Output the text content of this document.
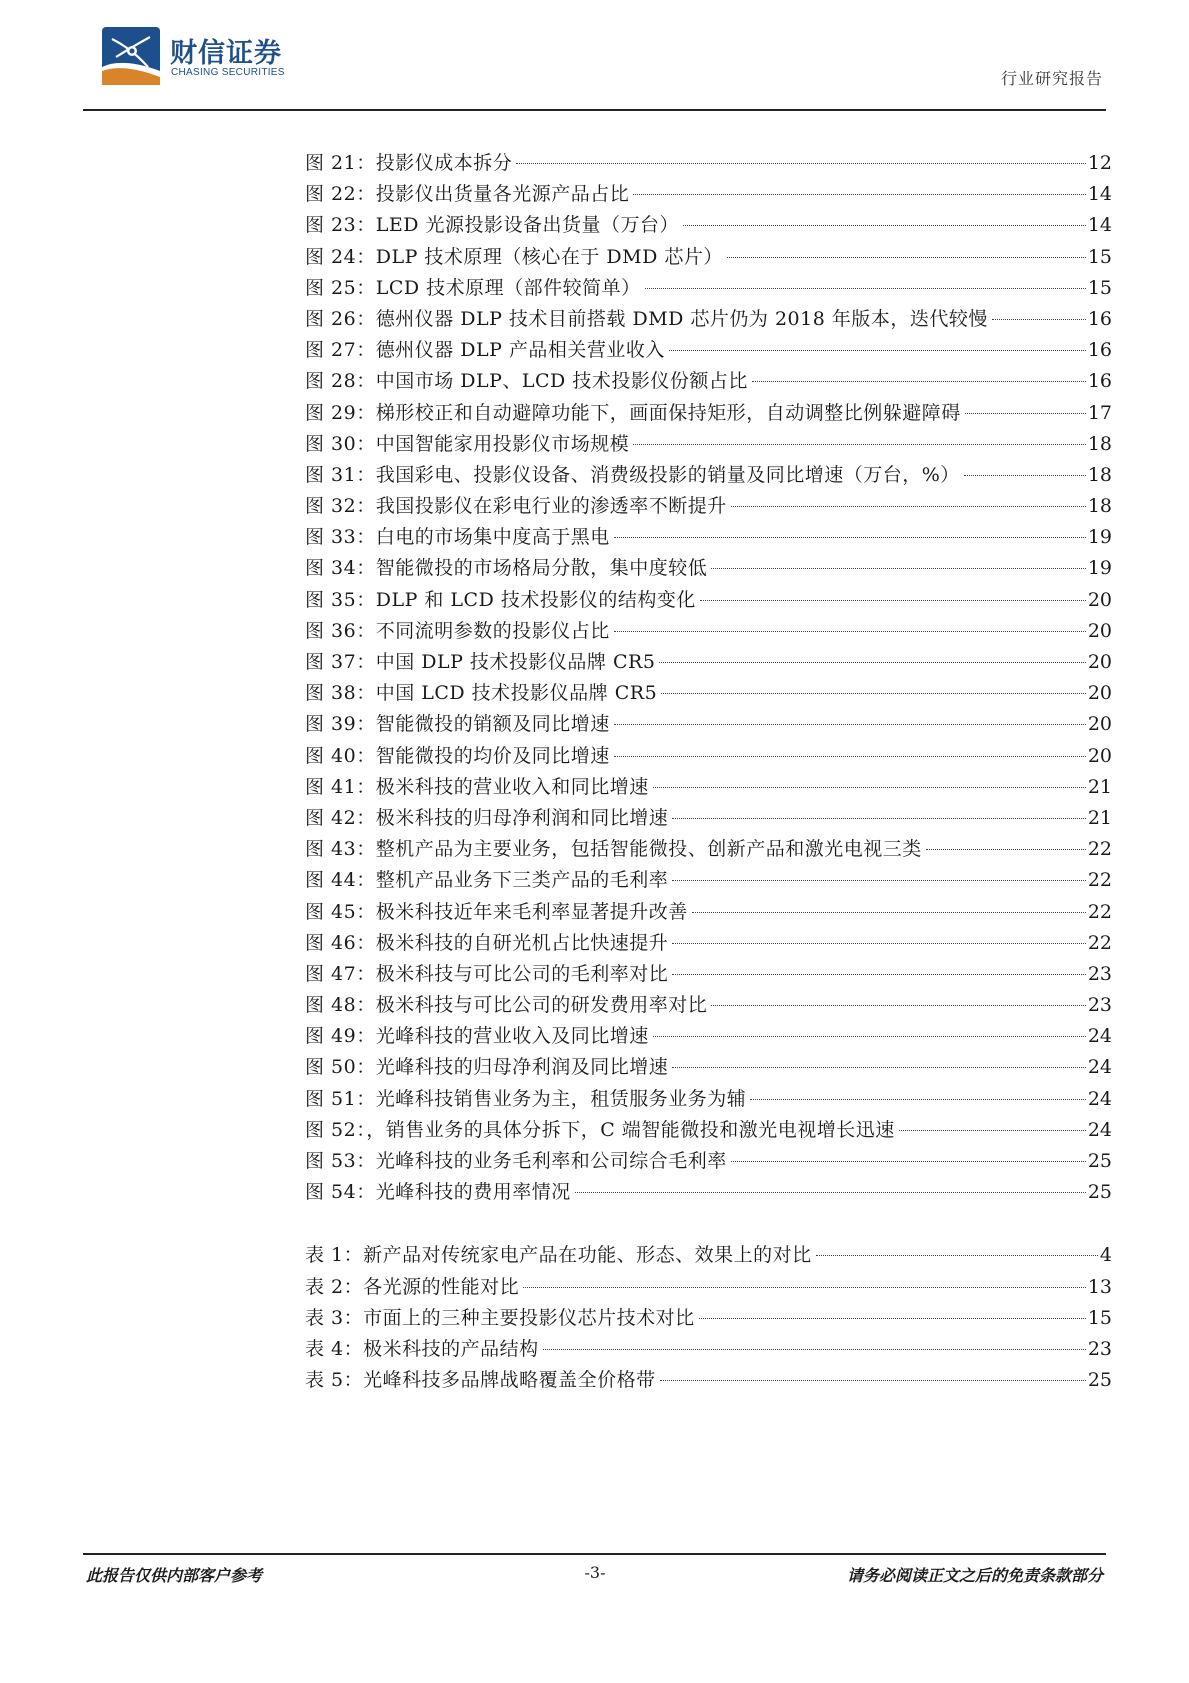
财信证券
CHASING SECURITIES	行业研究报告
图 21：投影仪成本拆分	12
图 22：投影仪出货量各光源产品占比	14
图 23：LED 光源投影设备出货量（万台）	14
图 24：DLP 技术原理（核心在于 DMD 芯片）	15
图 25：LCD 技术原理（部件较简单）	15
图 26：德州仪器 DLP 技术目前搭载 DMD 芯片仍为 2018 年版本，迭代较慢	16
图 27：德州仪器 DLP 产品相关营业收入	16
图 28：中国市场 DLP、LCD 技术投影仪份额占比	16
图 29：梯形校正和自动避障功能下，画面保持矩形，自动调整比例躲避障碍	17
图 30：中国智能家用投影仪市场规模	18
图 31：我国彩电、投影仪设备、消费级投影的销量及同比增速（万台，%）	18
图 32：我国投影仪在彩电行业的渗透率不断提升	18
图 33：白电的市场集中度高于黑电	19
图 34：智能微投的市场格局分散，集中度较低	19
图 35：DLP 和 LCD 技术投影仪的结构变化	20
图 36：不同流明参数的投影仪占比	20
图 37：中国 DLP 技术投影仪品牌 CR5	20
图 38：中国 LCD 技术投影仪品牌 CR5	20
图 39：智能微投的销额及同比增速	20
图 40：智能微投的均价及同比增速	20
图 41：极米科技的营业收入和同比增速	21
图 42：极米科技的归母净利润和同比增速	21
图 43：整机产品为主要业务，包括智能微投、创新产品和激光电视三类	22
图 44：整机产品业务下三类产品的毛利率	22
图 45：极米科技近年来毛利率显著提升改善	22
图 46：极米科技的自研光机占比快速提升	22
图 47：极米科技与可比公司的毛利率对比	23
图 48：极米科技与可比公司的研发费用率对比	23
图 49：光峰科技的营业收入及同比增速	24
图 50：光峰科技的归母净利润及同比增速	24
图 51：光峰科技销售业务为主，租赁服务业务为辅	24
图 52：，销售业务的具体分拆下，C 端智能微投和激光电视增长迅速	24
图 53：光峰科技的业务毛利率和公司综合毛利率	25
图 54：光峰科技的费用率情况	25
表 1：新产品对传统家电产品在功能、形态、效果上的对比	4
表 2：各光源的性能对比	13
表 3：市面上的三种主要投影仪芯片技术对比	15
表 4：极米科技的产品结构	23
表 5：光峰科技多品牌战略覆盖全价格带	25
此报告仅供内部客户参考	-3-	请务必阅读正文之后的免责条款部分
